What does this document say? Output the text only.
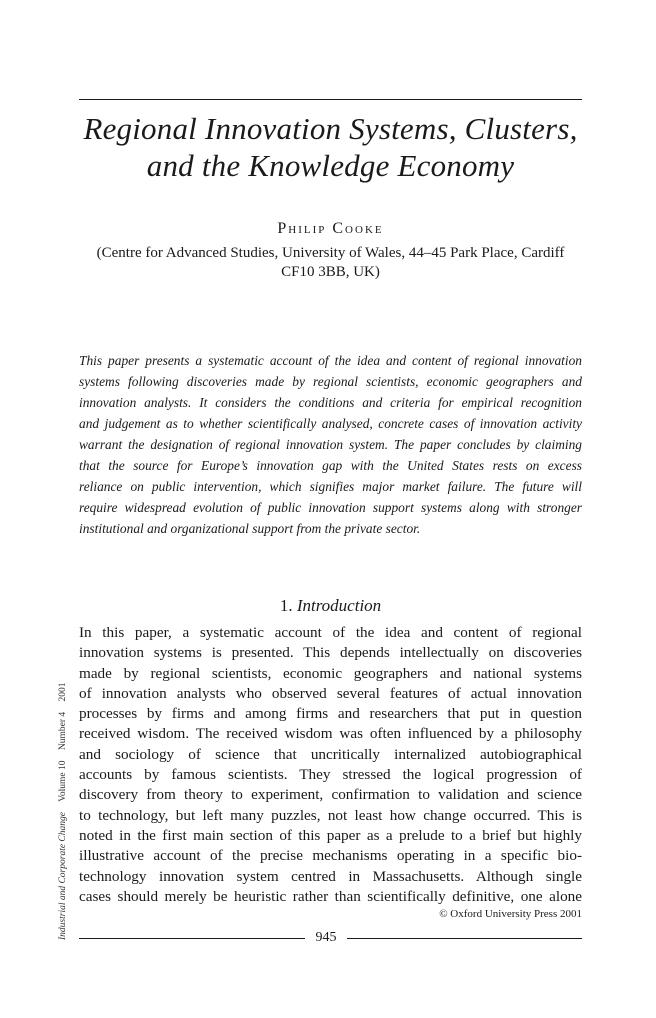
Regional Innovation Systems, Clusters,
and the Knowledge Economy

Philip Cooke

(Centre for Advanced Studies, University of Wales, 44–45 Park Place, Cardiff
CF10 3BB, UK)

This paper presents a systematic account of the idea and content of regional innovation
systems following discoveries made by regional scientists, economic geographers and
innovation analysts. It considers the conditions and criteria for empirical recognition
and judgement as to whether scientifically analysed, concrete cases of innovation activity
warrant the designation of regional innovation system. The paper concludes by claiming
that the source for Europe’s innovation gap with the United States rests on excess
reliance on public intervention, which signifies major market failure. The future will
require widespread evolution of public innovation support systems along with stronger
institutional and organizational support from the private sector.
1. Introduction
In this paper, a systematic account of the idea and content of regional
innovation systems is presented. This depends intellectually on discoveries
made by regional scientists, economic geographers and national systems
of innovation analysts who observed several features of actual innovation
processes by firms and among firms and researchers that put in question
received wisdom. The received wisdom was often influenced by a philosophy
and sociology of science that uncritically internalized autobiographical
accounts by famous scientists. They stressed the logical progression of
discovery from theory to experiment, confirmation to validation and science
to technology, but left many puzzles, not least how change occurred. This is
noted in the first main section of this paper as a prelude to a brief but highly
illustrative account of the precise mechanisms operating in a specific bio-
technology innovation system centred in Massachusetts. Although single
cases should merely be heuristic rather than scientifically definitive, one alone

© Oxford University Press 2001

945

Industrial and Corporate Change Volume 10 Number 4 2001
